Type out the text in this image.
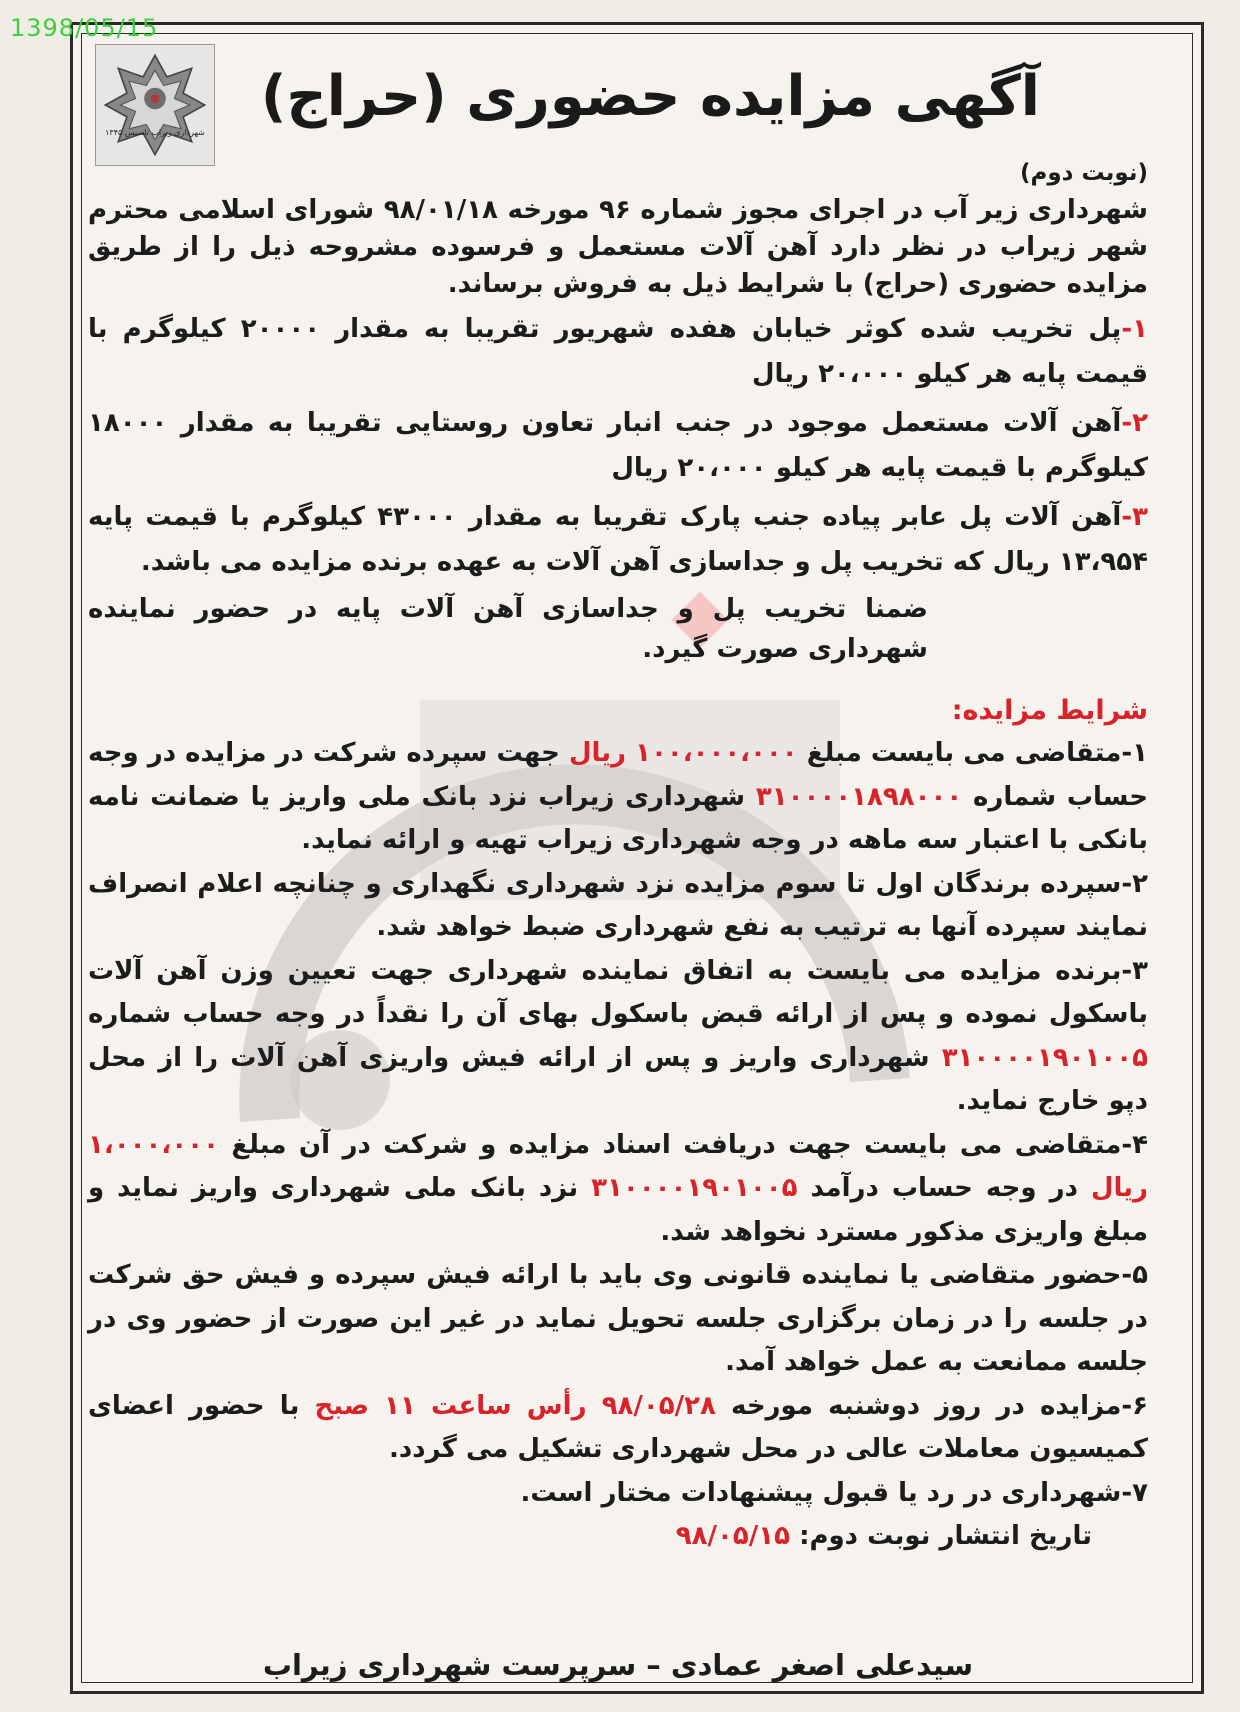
1398/05/15
شهرداری زیراب تاسیس ۱۳۴۵
آگهی مزایده حضوری (حراج)

(نوبت دوم)

شهرداری زیر آب در اجرای مجوز شماره ۹۶ مورخه ۹۸/۰۱/۱۸ شورای اسلامی محترم شهر زیراب در نظر دارد آهن آلات مستعمل و فرسوده مشروحه ذیل را از طریق مزایده حضوری (حراج) با شرایط ذیل به فروش برساند.

۱-پل تخریب شده کوثر خیابان هفده شهریور تقریبا به مقدار ۲۰۰۰۰ کیلوگرم با قیمت پایه هر کیلو ۲۰،۰۰۰ ریال

۲-آهن آلات مستعمل موجود در جنب انبار تعاون روستایی تقریبا به مقدار ۱۸۰۰۰ کیلوگرم با قیمت پایه هر کیلو ۲۰،۰۰۰ ریال

۳-آهن آلات پل عابر پیاده جنب پارک تقریبا به مقدار ۴۳۰۰۰ کیلوگرم با قیمت پایه ۱۳،۹۵۴ ریال که تخریب پل و جداسازی آهن آلات به عهده برنده مزایده می باشد.

ضمنا تخریب پل و جداسازی آهن آلات پایه در حضور نماینده شهرداری صورت گیرد.

شرایط مزایده:

۱-متقاضی می بایست مبلغ ۱۰۰،۰۰۰،۰۰۰ ریال جهت سپرده شرکت در مزایده در وجه حساب شماره ۳۱۰۰۰۰۱۸۹۸۰۰۰ شهرداری زیراب نزد بانک ملی واریز یا ضمانت نامه بانکی با اعتبار سه ماهه در وجه شهرداری زیراب تهیه و ارائه نماید.

۲-سپرده برندگان اول تا سوم مزایده نزد شهرداری نگهداری و چنانچه اعلام انصراف نمایند سپرده آنها به ترتیب به نفع شهرداری ضبط خواهد شد.

۳-برنده مزایده می بایست به اتفاق نماینده شهرداری جهت تعیین وزن آهن آلات باسکول نموده و پس از ارائه قبض باسکول بهای آن را نقداً در وجه حساب شماره ۳۱۰۰۰۰۱۹۰۱۰۰۵ شهرداری واریز و پس از ارائه فیش واریزی آهن آلات را از محل دپو خارج نماید.

۴-متقاضی می بایست جهت دریافت اسناد مزایده و شرکت در آن مبلغ ۱،۰۰۰،۰۰۰ ریال در وجه حساب درآمد ۳۱۰۰۰۰۱۹۰۱۰۰۵ نزد بانک ملی شهرداری واریز نماید و مبلغ واریزی مذکور مسترد نخواهد شد.

۵-حضور متقاضی یا نماینده قانونی وی باید با ارائه فیش سپرده و فیش حق شرکت در جلسه را در زمان برگزاری جلسه تحویل نماید در غیر این صورت از حضور وی در جلسه ممانعت به عمل خواهد آمد.

۶-مزایده در روز دوشنبه مورخه ۹۸/۰۵/۲۸ رأس ساعت ۱۱ صبح با حضور اعضای کمیسیون معاملات عالی در محل شهرداری تشکیل می گردد.

۷-شهرداری در رد یا قبول پیشنهادات مختار است.

تاریخ انتشار نوبت دوم: ۹۸/۰۵/۱۵

سیدعلی اصغر عمادی – سرپرست شهرداری زیراب
